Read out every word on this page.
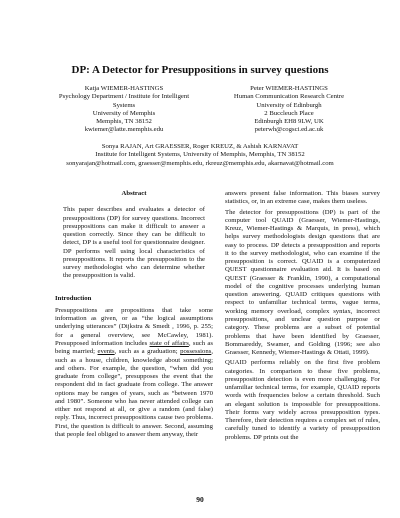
DP: A Detector for Presuppositions in survey questions
Katja WIEMER-HASTINGS
Psychology Department / Institute for Intelligent
Systems
University of Memphis
Memphis, TN 38152
kwiemer@latte.memphis.edu
Peter WIEMER-HASTINGS
Human Communication Research Centre
University of Edinburgh
2 Buccleuch Place
Edinburgh EH8 9LW, UK
peterwh@cogsci.ed.ac.uk
Sonya RAJAN, Art GRAESSER, Roger KREUZ, & Ashish KARNAVAT
Institute for Intelligent Systems, University of Memphis, Memphis, TN 38152
sonyarajan@hotmail.com, graesser@memphis.edu, rkreuz@memphis.edu, akarnavat@hotmail.com
Abstract

This paper describes and evaluates a detector of presuppositions (DP) for survey questions. Incorrect presuppositions can make it difficult to answer a question correctly. Since they can be difficult to detect, DP is a useful tool for questionnaire designer. DP performs well using local characteristics of presuppositions. It reports the presupposition to the survey methodologist who can determine whether the presupposition is valid.

Introduction

Presuppositions are propositions that take some information as given, or as “the logical assumptions underlying utterances” (Dijkstra & Smedt , 1996, p. 255; for a general overview, see McCawley, 1981). Presupposed information includes state of affairs, such as being married; events, such as a graduation; possessions, such as a house, children, knowledge about something; and others. For example, the question, “when did you graduate from college”, presupposes the event that the respondent did in fact graduate from college. The answer options may be ranges of years, such as “between 1970 and 1980”. Someone who has never attended college can either not respond at all, or give a random (and false) reply. Thus, incorrect presuppositions cause two problems. First, the question is difficult to answer. Second, assuming that people feel obliged to answer them anyway, their

answers present false information. This biases survey statistics, or, in an extreme case, makes them useless.

The detector for presuppositions (DP) is part of the computer tool QUAID (Graesser, Wiemer-Hastings, Kreuz, Wiemer-Hastings & Marquis, in press), which helps survey methodologists design questions that are easy to process. DP detects a presupposition and reports it to the survey methodologist, who can examine if the presupposition is correct. QUAID is a computerized QUEST questionnaire evaluation aid. It is based on QUEST (Graesser & Franklin, 1990), a computational model of the cognitive processes underlying human question answering. QUAID critiques questions with respect to unfamiliar technical terms, vague terms, working memory overload, complex syntax, incorrect presuppositions, and unclear question purpose or category. These problems are a subset of potential problems that have been identified by Graesser, Bommareddy, Swamer, and Golding (1996; see also Graesser, Kennedy, Wiemer-Hastings & Ottati, 1999).

QUAID performs reliably on the first five problem categories. In comparison to these five problems, presupposition detection is even more challenging. For unfamiliar technical terms, for example, QUAID reports words with frequencies below a certain threshold. Such an elegant solution is impossible for presuppositions. Their forms vary widely across presupposition types. Therefore, their detection requires a complex set of rules, carefully tuned to identify a variety of presupposition problems. DP prints out the

90
